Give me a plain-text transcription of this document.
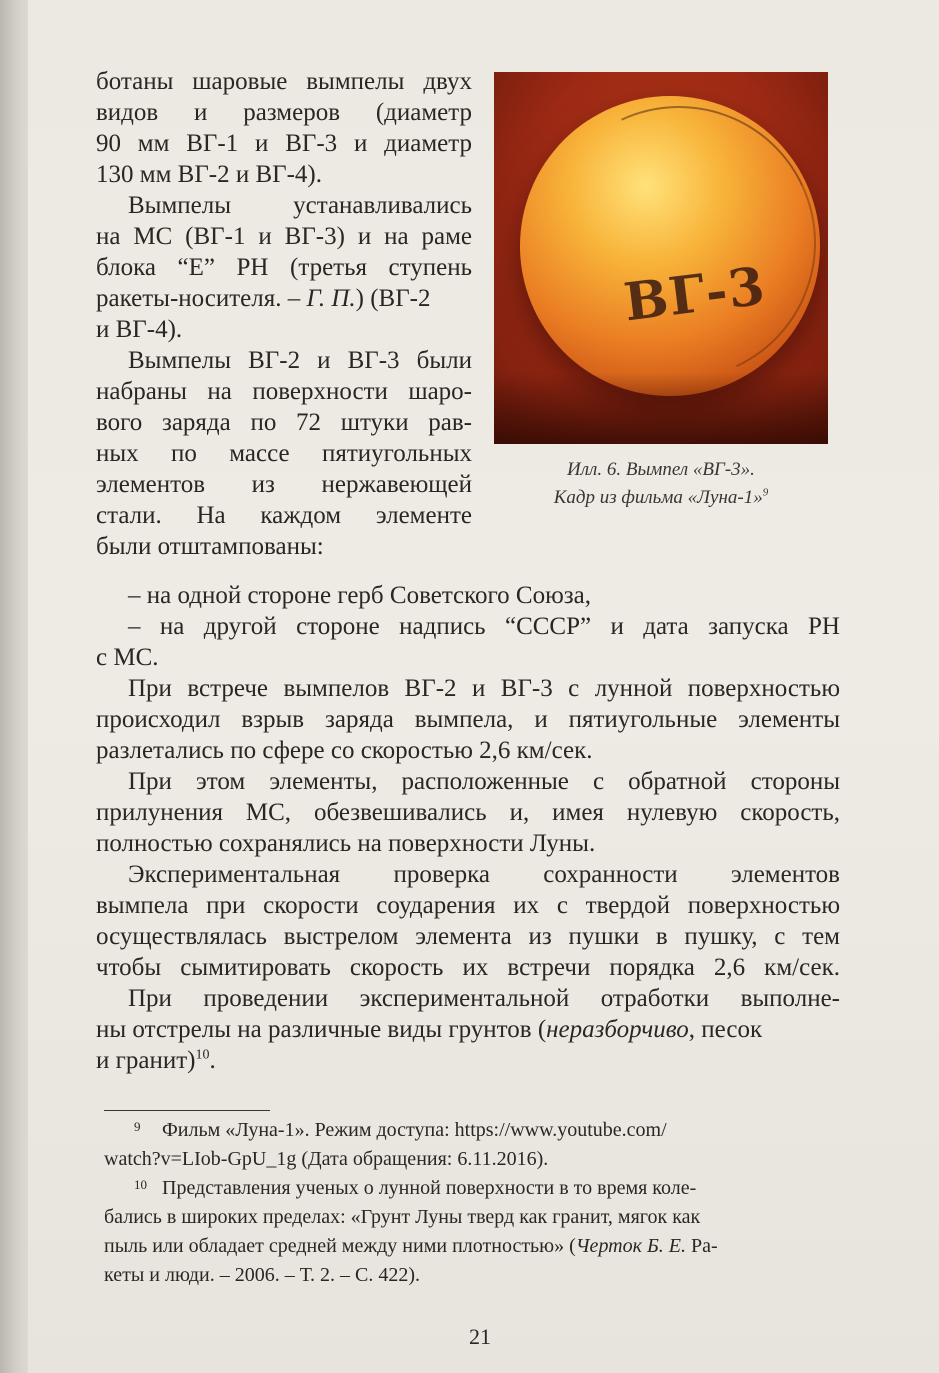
ВГ-3
Илл. 6. Вымпел «ВГ-3».
Кадр из фильма «Луна-1»$^9$
ботаны шаровые вымпелы двух
видов и размеров (диаметр
90 мм ВГ-1 и ВГ-3 и диаметр
130 мм ВГ-2 и ВГ-4).
Вымпелы устанавливались
на МС (ВГ-1 и ВГ-3) и на раме
блока “Е” РН (третья ступень
ракеты-носителя. – Г. П.) (ВГ-2
и ВГ-4).
Вымпелы ВГ-2 и ВГ-3 были
набраны на поверхности шаро-
вого заряда по 72 штуки рав-
ных по массе пятиугольных
элементов из нержавеющей
стали. На каждом элементе
были отштампованы:
– на одной стороне герб Советского Союза,
– на другой стороне надпись “СССР” и дата запуска РН
с МС.
При встрече вымпелов ВГ-2 и ВГ-3 с лунной поверхностью
происходил взрыв заряда вымпела, и пятиугольные элементы
разлетались по сфере со скоростью 2,6 км/сек.
При этом элементы, расположенные с обратной стороны
прилунения МС, обезвешивались и, имея нулевую скорость,
полностью сохранялись на поверхности Луны.
Экспериментальная проверка сохранности элементов
вымпела при скорости соударения их с твердой поверхностью
осуществлялась выстрелом элемента из пушки в пушку, с тем
чтобы сымитировать скорость их встречи порядка 2,6 км/сек.
При проведении экспериментальной отработки выполне-
ны отстрелы на различные виды грунтов (неразборчиво, песок
и гранит)$^{10}$.
9 Фильм «Луна-1». Режим доступа: https://www.youtube.com/
watch?v=LIob-GpU_1g (Дата обращения: 6.11.2016).
10 Представления ученых о лунной поверхности в то время коле-
бались в широких пределах: «Грунт Луны тверд как гранит, мягок как
пыль или обладает средней между ними плотностью» (Черток Б. Е. Ра-
кеты и люди. – 2006. – Т. 2. – С. 422).
21
